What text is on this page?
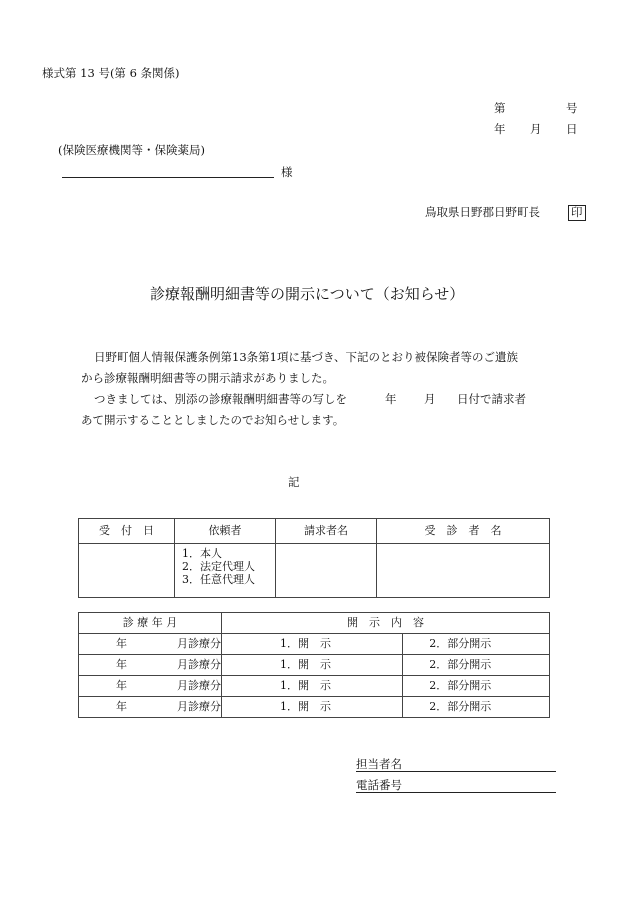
様式第 13 号(第 6 条関係)
第	号
年 月 日
(保険医療機関等・保険薬局)
様
鳥取県日野郡日野町長	印
診療報酬明細書等の開示について（お知らせ）
日野町個人情報保護条例第13条第1項に基づき、下記のとおり被保険者等のご遺族
から診療報酬明細書等の開示請求がありました。
つきましては、別添の診療報酬明細書等の写しを	年 月 日付で請求者
あて開示することとしましたのでお知らせします。
記
受　付　日	依頼者	請求者名	受　診　者　名

	1．本人
2．法定代理人
3．任意代理人		

診 療 年 月	開　示　内　容	
年 月診療分	1．開　示	2．部分開示
年 月診療分	1．開　示	2．部分開示
年 月診療分	1．開　示	2．部分開示
年 月診療分	1．開　示	2．部分開示
担当者名
電話番号
